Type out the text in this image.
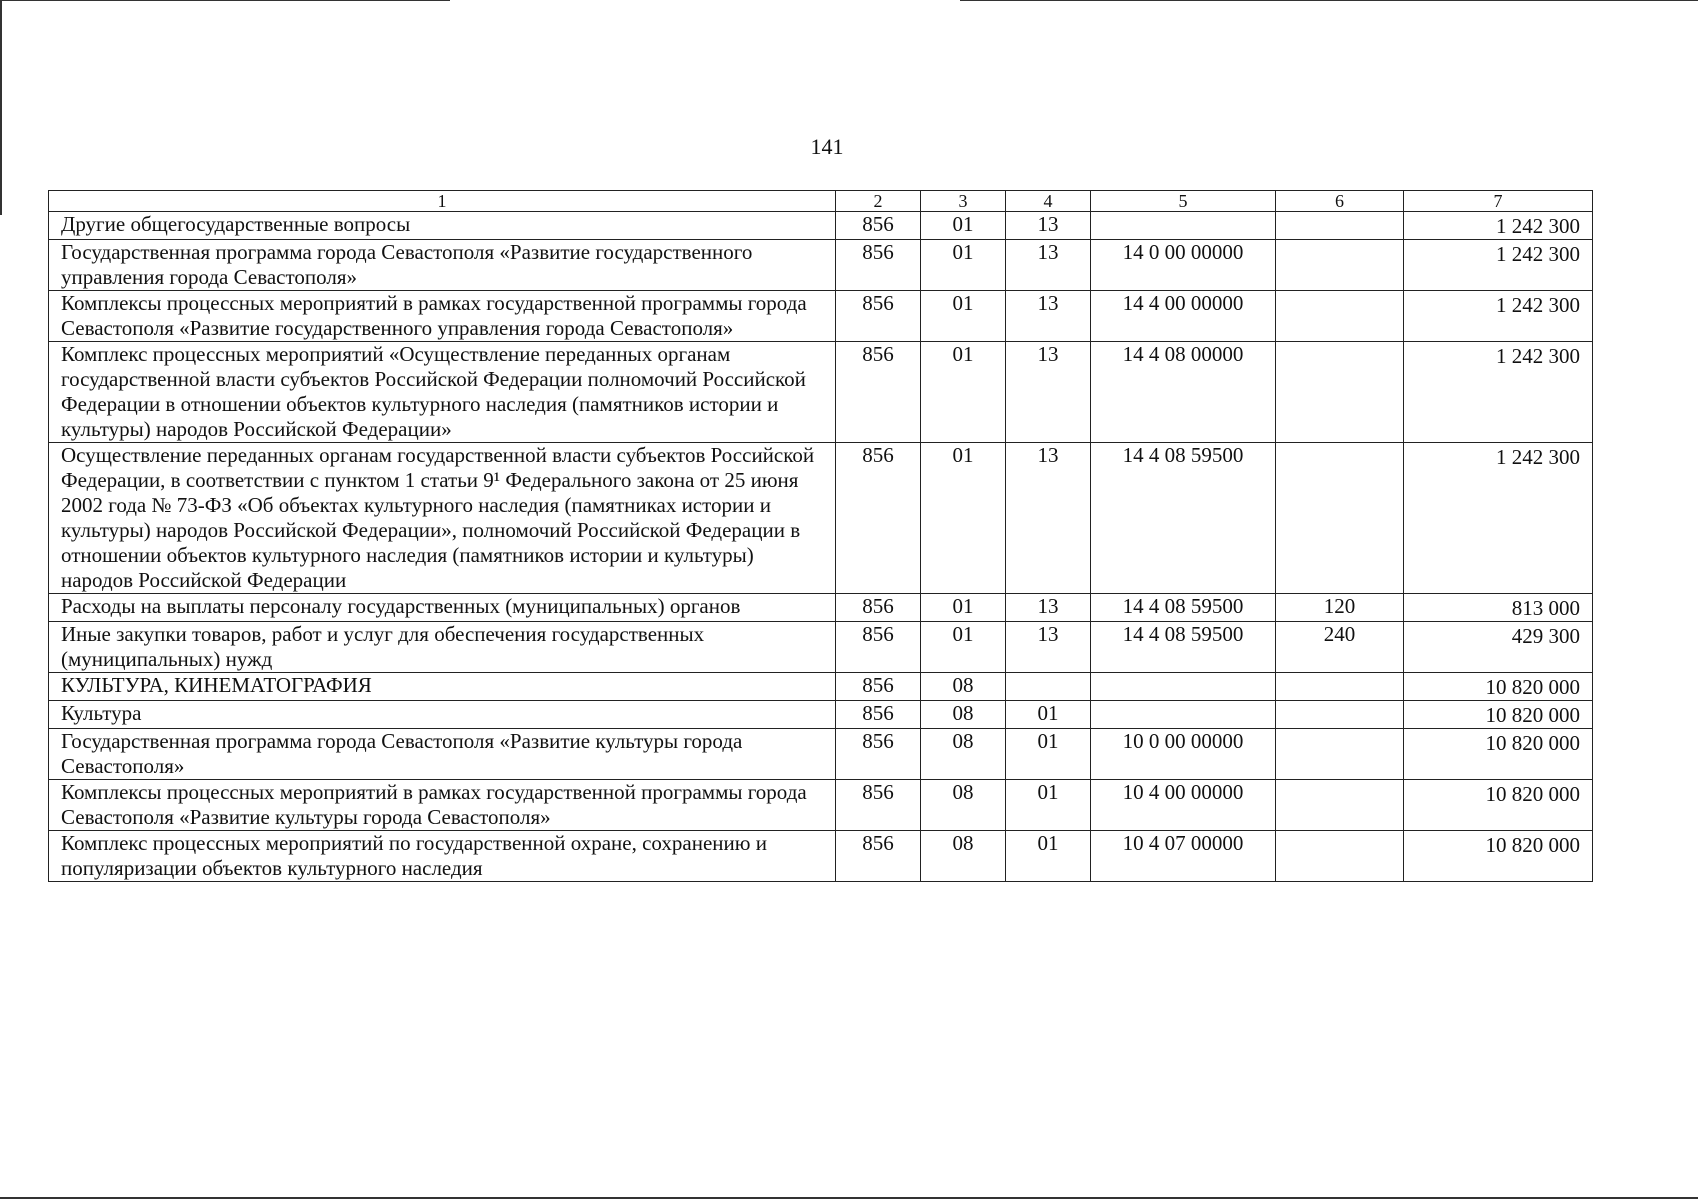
141
1	2	3	4	5	6	7
Другие общегосударственные вопросы	856	01	13			1 242 300
Государственная программа города Севастополя «Развитие государственного управления города Севастополя»	856	01	13	14 0 00 00000		1 242 300
Комплексы процессных мероприятий в рамках государственной программы города Севастополя «Развитие государственного управления города Севастополя»	856	01	13	14 4 00 00000		1 242 300
Комплекс процессных мероприятий «Осуществление переданных органам государственной власти субъектов Российской Федерации полномочий Российской Федерации в отношении объектов культурного наследия (памятников истории и культуры) народов Российской Федерации»	856	01	13	14 4 08 00000		1 242 300
Осуществление переданных органам государственной власти субъектов Российской Федерации, в соответствии с пунктом 1 статьи 9¹ Федерального закона от 25 июня 2002 года № 73-ФЗ «Об объектах культурного наследия (памятниках истории и культуры) народов Российской Федерации», полномочий Российской Федерации в отношении объектов культурного наследия (памятников истории и культуры) народов Российской Федерации	856	01	13	14 4 08 59500		1 242 300
Расходы на выплаты персоналу государственных (муниципальных) органов	856	01	13	14 4 08 59500	120	813 000
Иные закупки товаров, работ и услуг для обеспечения государственных (муниципальных) нужд	856	01	13	14 4 08 59500	240	429 300
КУЛЬТУРА, КИНЕМАТОГРАФИЯ	856	08				10 820 000
Культура	856	08	01			10 820 000
Государственная программа города Севастополя «Развитие культуры города Севастополя»	856	08	01	10 0 00 00000		10 820 000
Комплексы процессных мероприятий в рамках государственной программы города Севастополя «Развитие культуры города Севастополя»	856	08	01	10 4 00 00000		10 820 000
Комплекс процессных мероприятий по государственной охране, сохранению и популяризации объектов культурного наследия	856	08	01	10 4 07 00000		10 820 000
